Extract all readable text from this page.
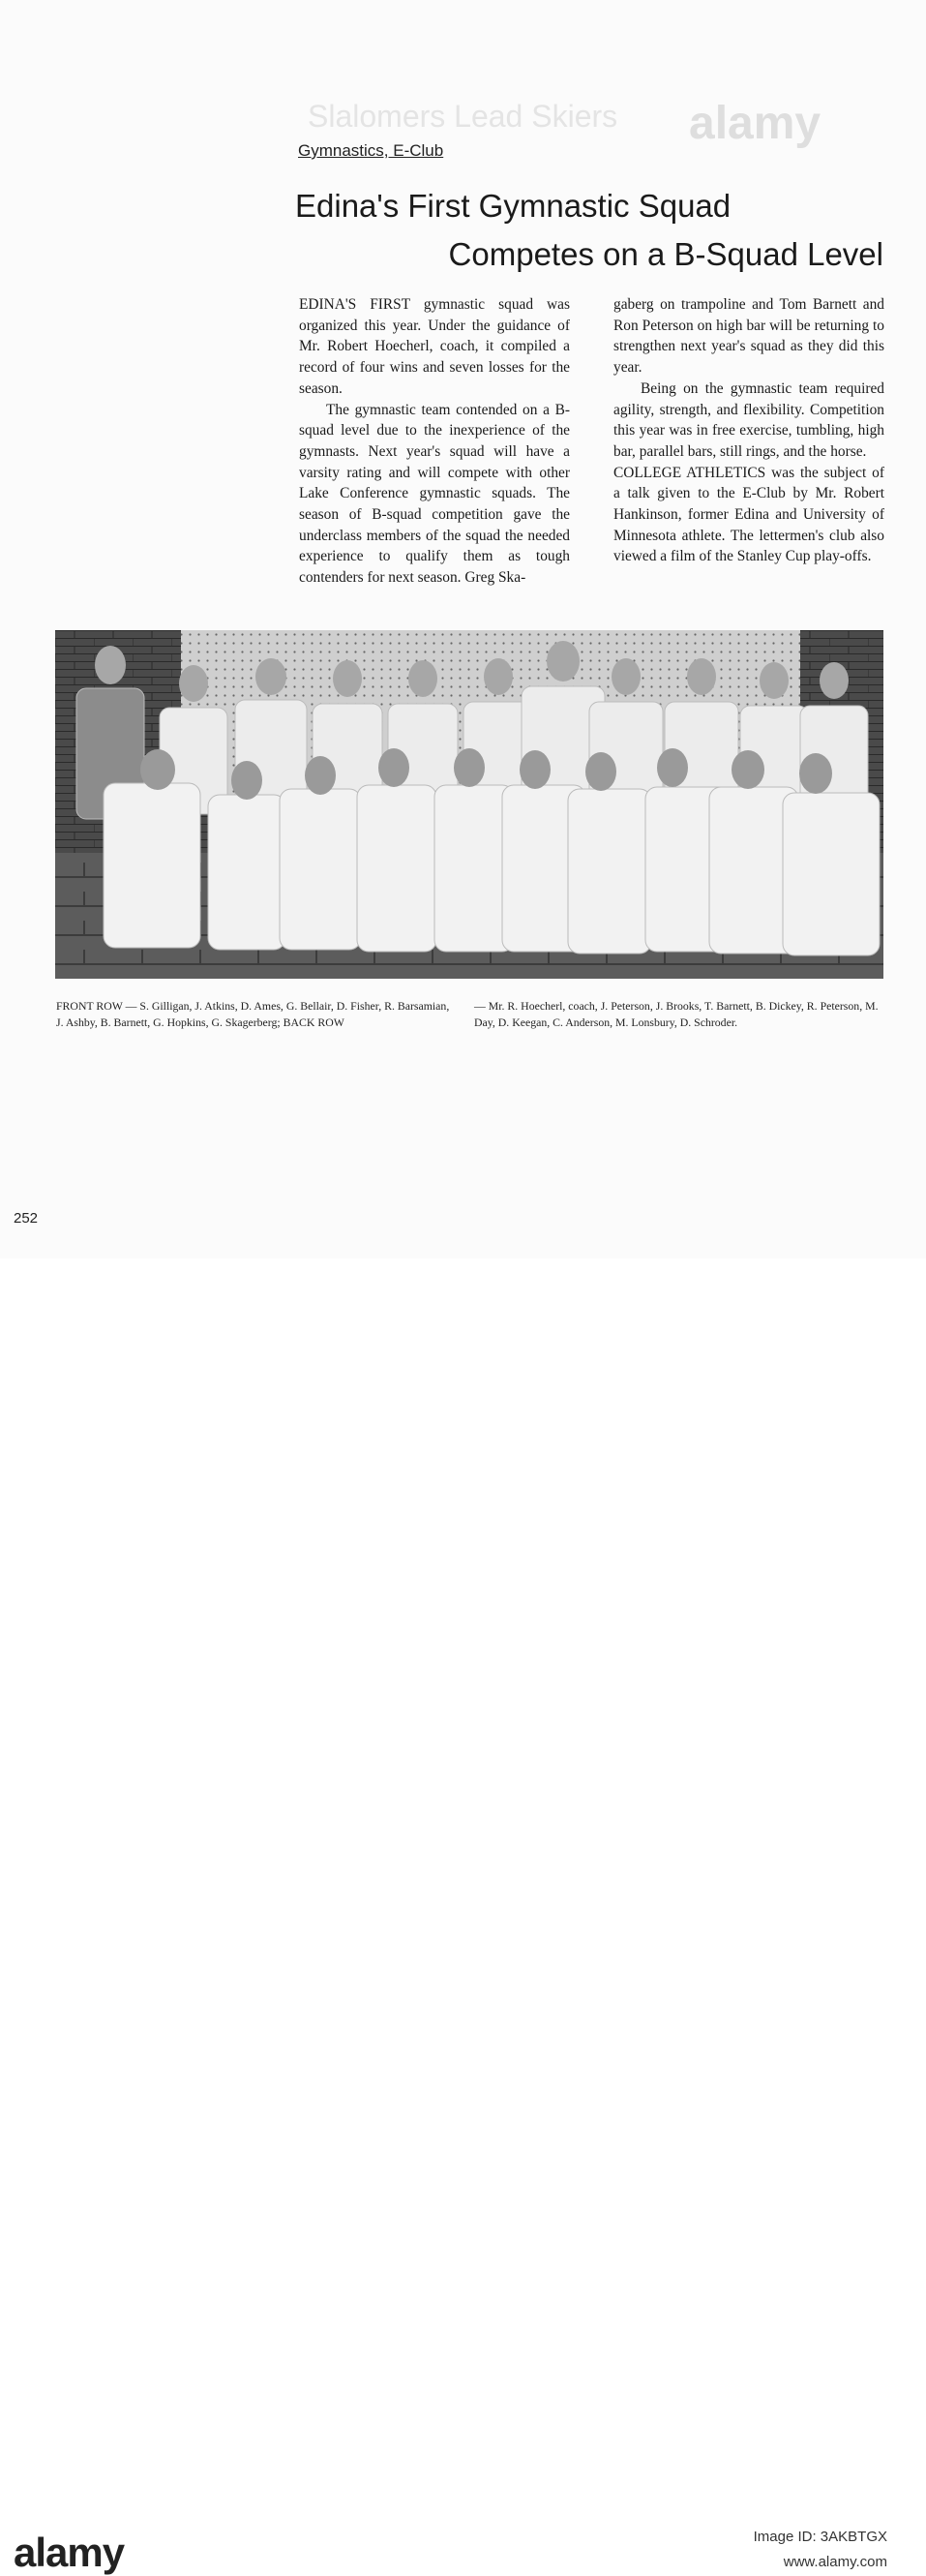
Slalomers Lead Skiers alamy
Gymnastics, E-Club
Edina's First Gymnastic Squad
Competes on a B-Squad Level

EDINA'S FIRST gymnastic squad was organized this year. Under the guidance of Mr. Robert Hoecherl, coach, it compiled a record of four wins and seven losses for the season.

The gymnastic team contended on a B-squad level due to the inexperience of the gymnasts. Next year's squad will have a varsity rating and will compete with other Lake Conference gymnastic squads. The season of B-squad competition gave the underclass members of the squad the needed experience to qualify them as tough contenders for next season. Greg Ska-

gaberg on trampoline and Tom Barnett and Ron Peterson on high bar will be returning to strengthen next year's squad as they did this year.

Being on the gymnastic team required agility, strength, and flexibility. Competition this year was in free exercise, tumbling, high bar, parallel bars, still rings, and the horse.

COLLEGE ATHLETICS was the subject of a talk given to the E-Club by Mr. Robert Hankinson, former Edina and University of Minnesota athlete. The lettermen's club also viewed a film of the Stanley Cup play-offs.

FRONT ROW — S. Gilligan, J. Atkins, D. Ames, G. Bellair, D. Fisher, R. Barsamian, J. Ashby, B. Barnett, G. Hopkins, G. Skagerberg; BACK ROW
— Mr. R. Hoecherl, coach, J. Peterson, J. Brooks, T. Barnett, B. Dickey, R. Peterson, M. Day, D. Keegan, C. Anderson, M. Lonsbury, D. Schroder.
252
alamy	Image ID: 3AKBTGX
www.alamy.com
